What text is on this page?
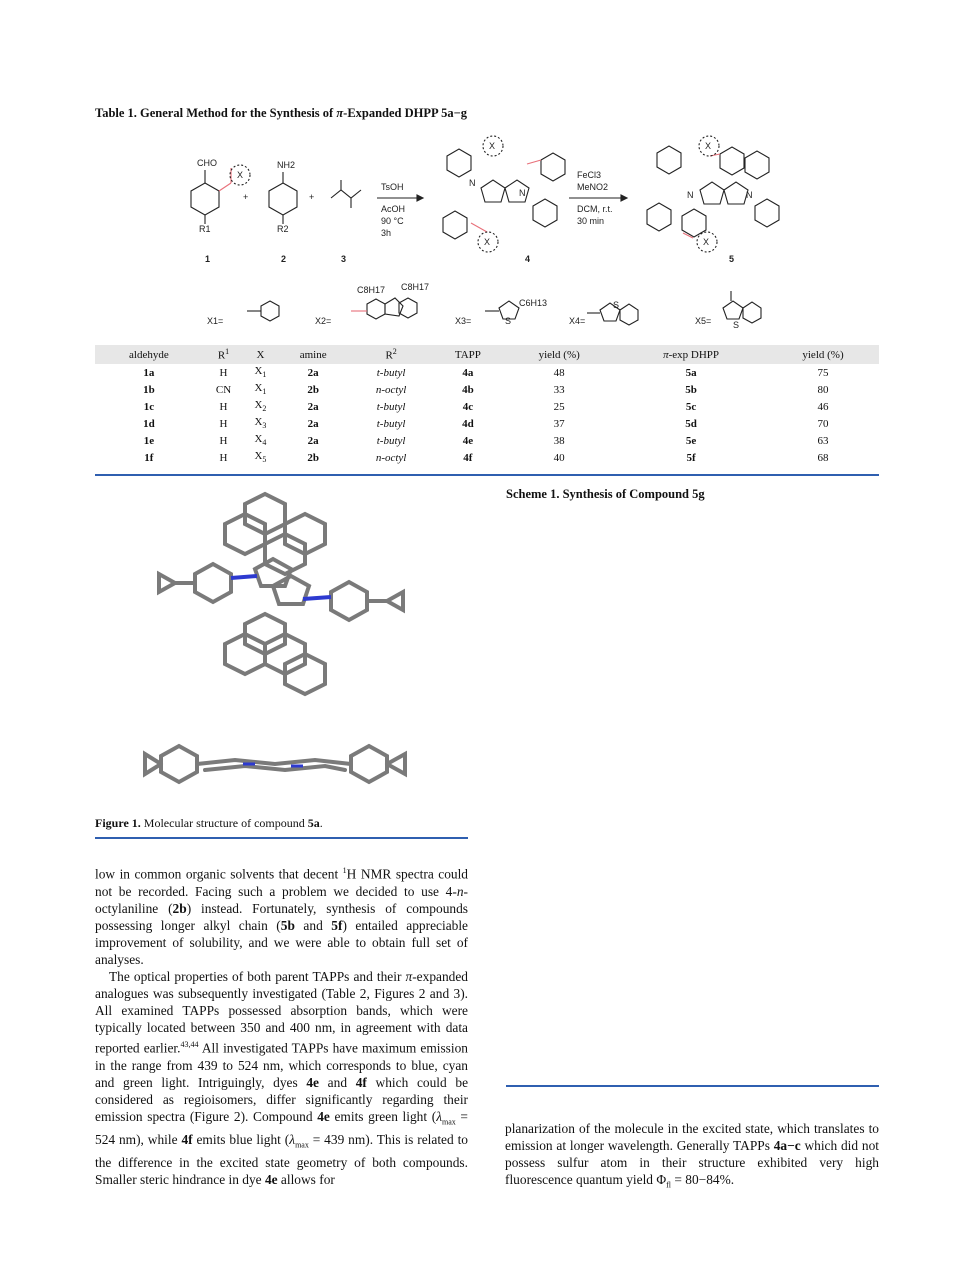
Table 1. General Method for the Synthesis of π-Expanded DHPP 5a−g
CHO
X
R1
NH2
R2
+	+
TsOH
AcOH
90 °C
3h
FeCl3
MeNO2
DCM, r.t.
30 min
N
N
X
X
X
X
N	N
1	2	3	4	5
X1=	X2=	X3=	X4=	X5=
C8H17 C8H17
C6H13
S
S
S
aldehyde	$R^1$	X	amine	$R^2$	TAPP	yield (%)	π-exp DHPP	yield (%)
1a	H	$X_1$	2a	t-butyl	4a	48	5a	75
1b	CN	$X_1$	2b	n-octyl	4b	33	5b	80
1c	H	$X_2$	2a	t-butyl	4c	25	5c	46
1d	H	$X_3$	2a	t-butyl	4d	37	5d	70
1e	H	$X_4$	2a	t-butyl	4e	38	5e	63
1f	H	$X_5$	2b	n-octyl	4f	40	5f	68
Figure 1. Molecular structure of compound 5a.

low in common organic solvents that decent $^1$H NMR spectra could not be recorded. Facing such a problem we decided to use 4-n-octylaniline (2b) instead. Fortunately, synthesis of compounds possessing longer alkyl chain (5b and 5f) entailed appreciable improvement of solubility, and we were able to obtain full set of analyses.

The optical properties of both parent TAPPs and their π-expanded analogues was subsequently investigated (Table 2, Figures 2 and 3). All examined TAPPs possessed absorption bands, which were typically located between 350 and 400 nm, in agreement with data reported earlier.$^{43,44}$ All investigated TAPPs have maximum emission in the range from 439 to 524 nm, which corresponds to blue, cyan and green light. Intriguingly, dyes 4e and 4f which could be considered as regioisomers, differ significantly regarding their emission spectra (Figure 2). Compound 4e emits green light ($\lambda_{max} = 524$ nm), while 4f emits blue light ($\lambda_{max} = 439$ nm). This is related to the difference in the excited state geometry of both compounds. Smaller steric hindrance in dye 4e allows for

Scheme 1. Synthesis of Compound 5g

planarization of the molecule in the excited state, which translates to emission at longer wavelength. Generally TAPPs 4a−c which did not possess sulfur atom in their structure exhibited very high fluorescence quantum yield $\Phi_{fl} = 80-84\%$.
